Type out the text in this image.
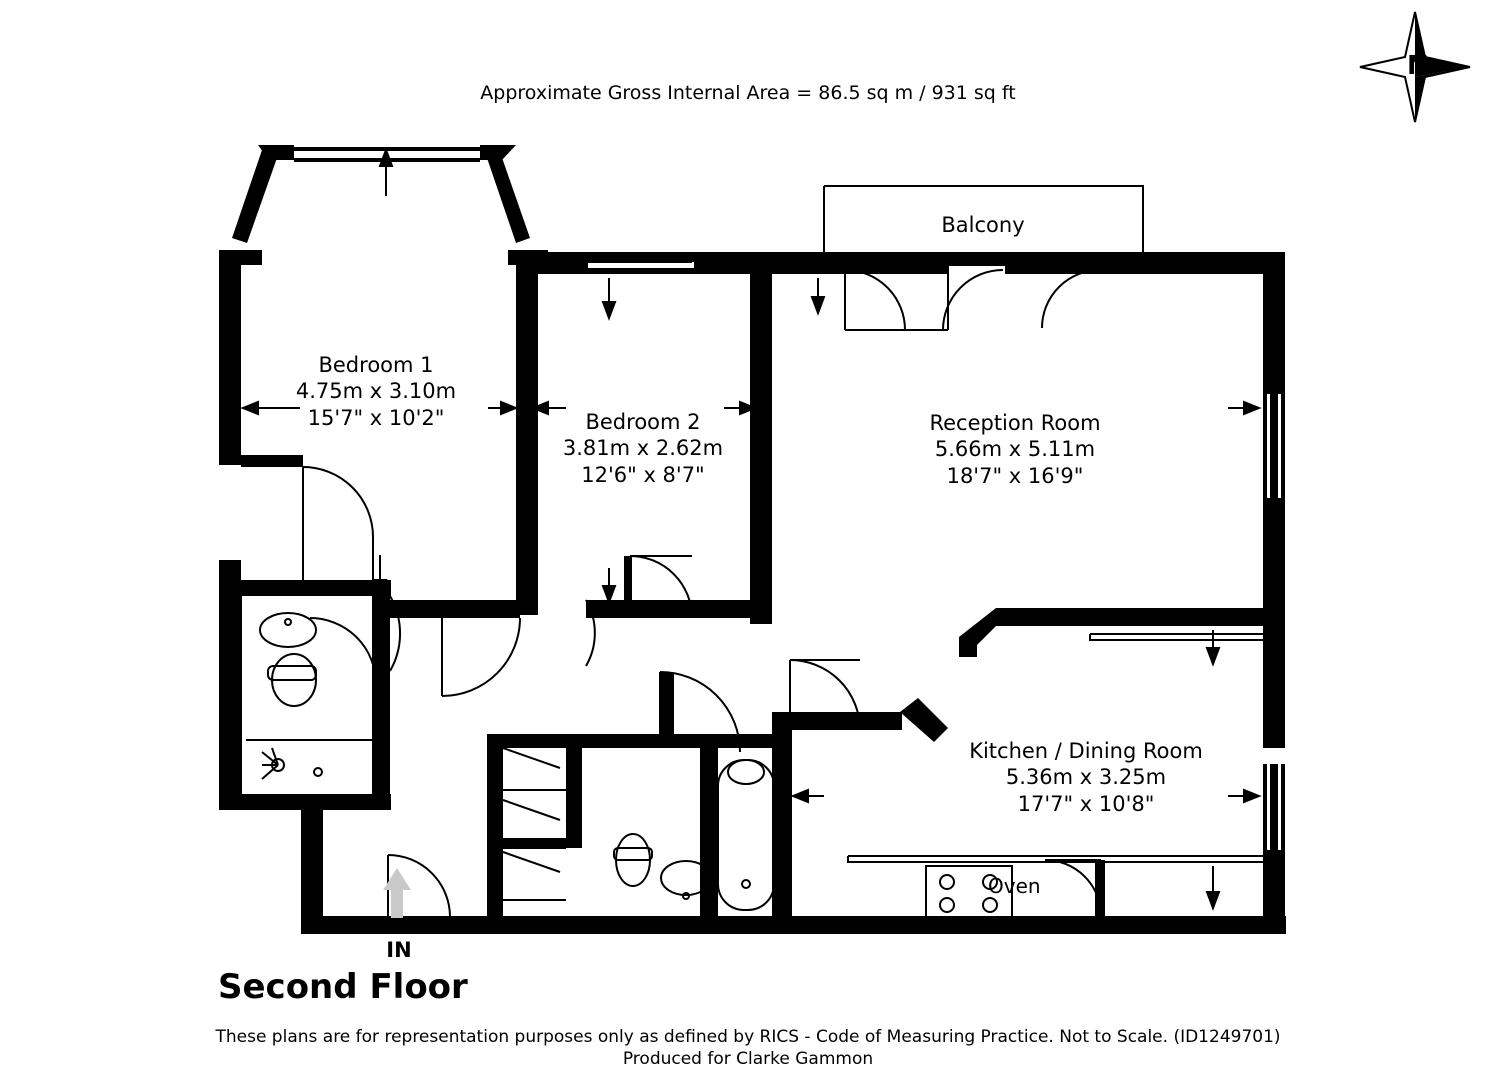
Approximate Gross Internal Area = 86.5 sq m / 931 sq ft
N
Balcony
Bedroom 1
4.75m x 3.10m
15'7" x 10'2"	Bedroom 2
3.81m x 2.62m
12'6" x 8'7"
Reception Room
5.66m x 5.11m
18'7" x 16'9"
Kitchen / Dining Room
5.36m x 3.25m
17'7" x 10'8"
Oven
IN
Second Floor
These plans are for representation purposes only as defined by RICS - Code of Measuring Practice. Not to Scale. (ID1249701)
Produced for Clarke Gammon
